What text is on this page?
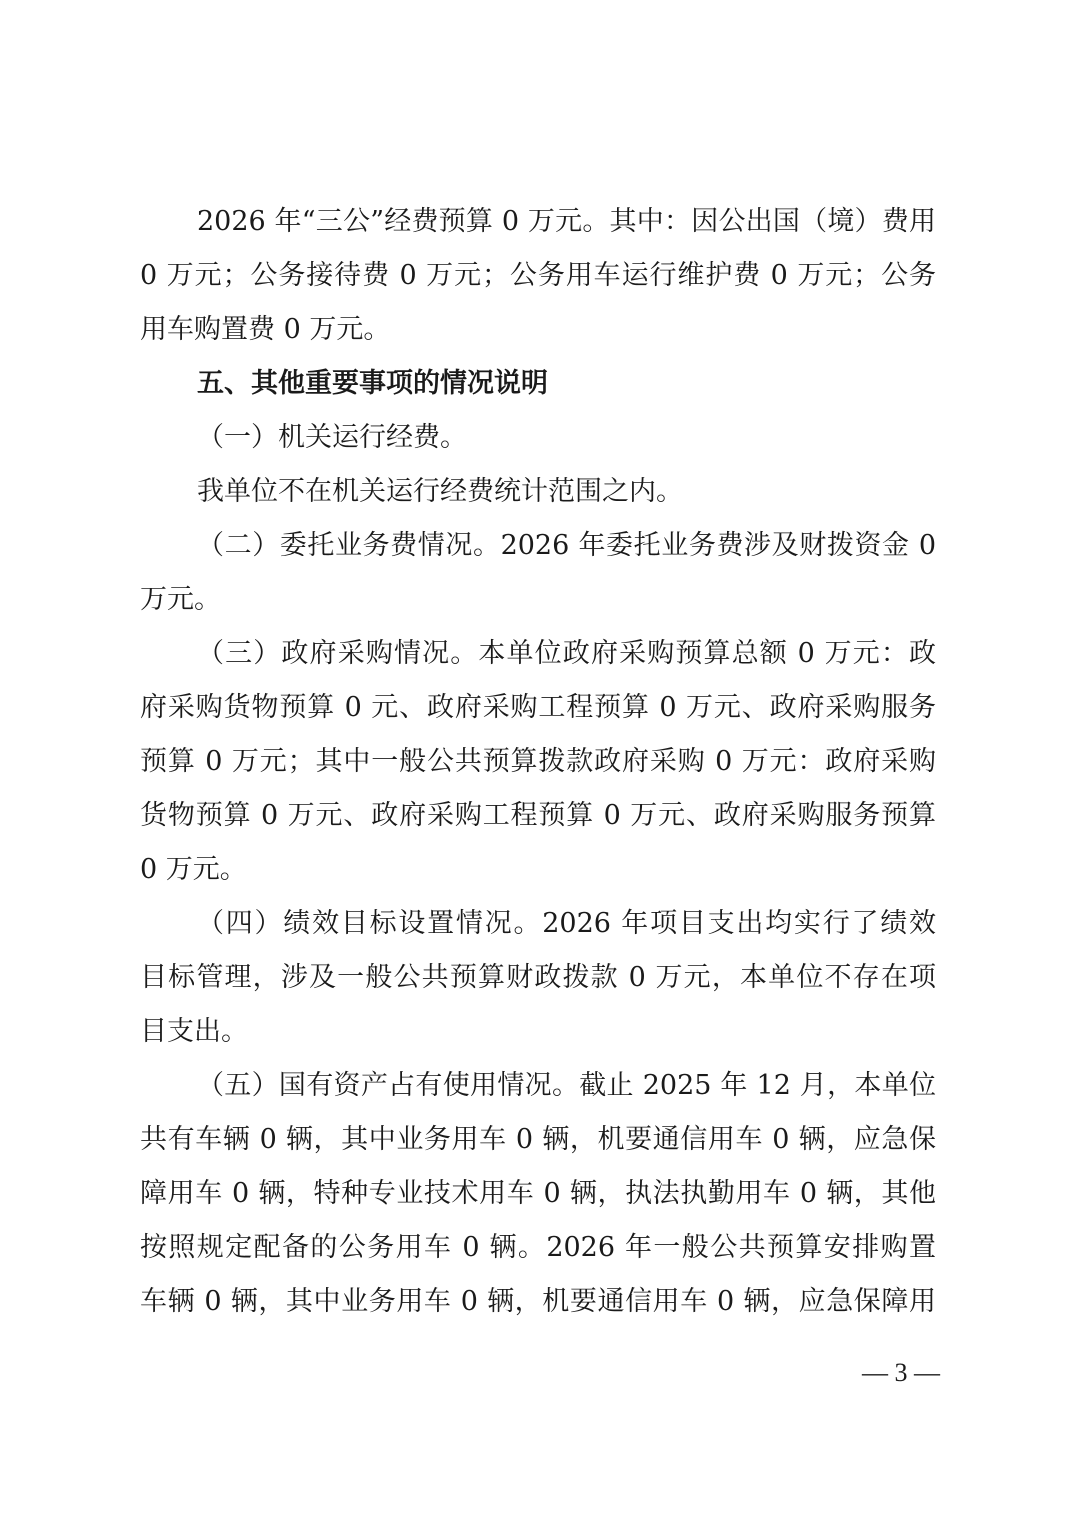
2026 年“三公”经费预算 0 万元。其中：因公出国（境）费用
0 万元；公务接待费 0 万元；公务用车运行维护费 0 万元；公务
用车购置费 0 万元。
五、其他重要事项的情况说明
（一）机关运行经费。
我单位不在机关运行经费统计范围之内。
（二）委托业务费情况。2026 年委托业务费涉及财拨资金 0
万元。
（三）政府采购情况。本单位政府采购预算总额 0 万元：政
府采购货物预算 0 元、政府采购工程预算 0 万元、政府采购服务
预算 0 万元；其中一般公共预算拨款政府采购 0 万元：政府采购
货物预算 0 万元、政府采购工程预算 0 万元、政府采购服务预算
0 万元。
（四）绩效目标设置情况。2026 年项目支出均实行了绩效
目标管理，涉及一般公共预算财政拨款 0 万元，本单位不存在项
目支出。
（五）国有资产占有使用情况。截止 2025 年 12 月，本单位
共有车辆 0 辆，其中业务用车 0 辆，机要通信用车 0 辆，应急保
障用车 0 辆，特种专业技术用车 0 辆，执法执勤用车 0 辆，其他
按照规定配备的公务用车 0 辆。2026 年一般公共预算安排购置
车辆 0 辆，其中业务用车 0 辆，机要通信用车 0 辆，应急保障用
— 3 —
